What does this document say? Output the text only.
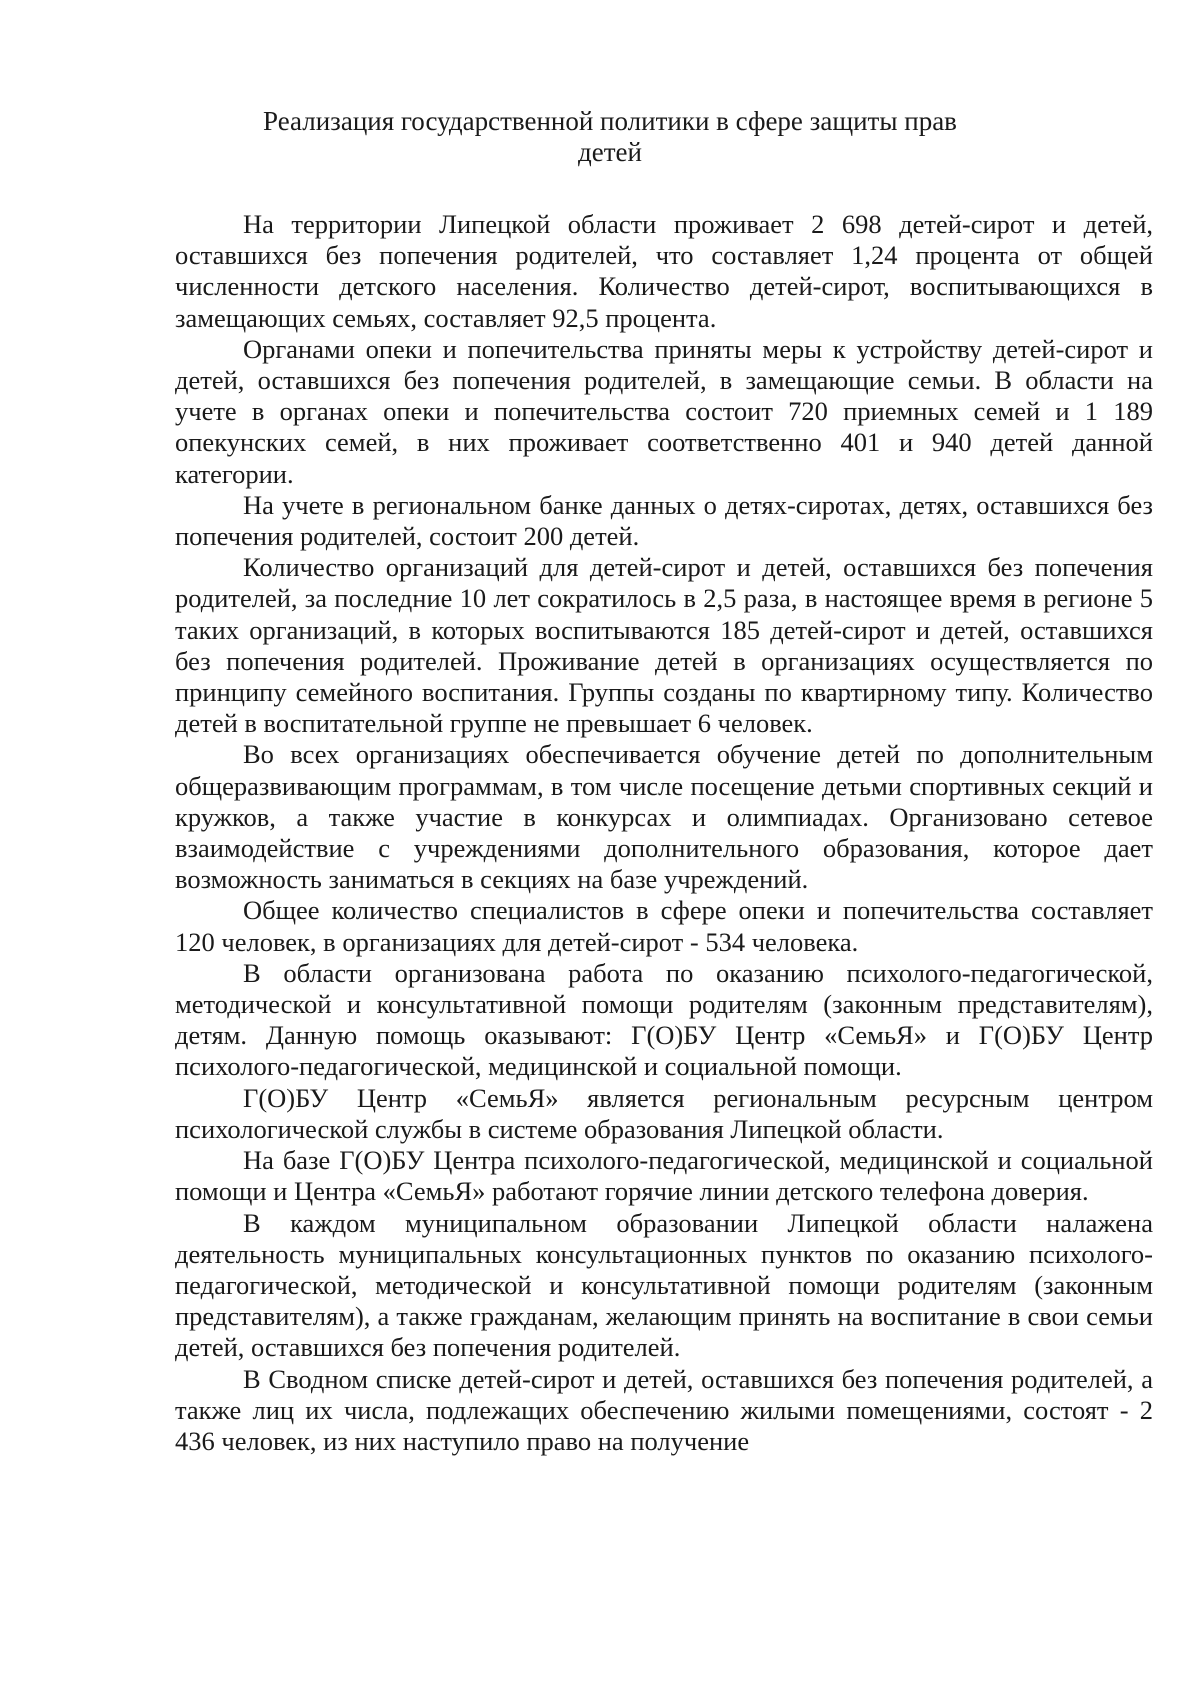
Реализация государственной политики в сфере защиты прав
детей

На территории Липецкой области проживает 2 698 детей-сирот и детей, оставшихся без попечения родителей, что составляет 1,24 процента от общей численности детского населения. Количество детей-сирот, воспитывающихся в замещающих семьях, составляет 92,5 процента.

Органами опеки и попечительства приняты меры к устройству детей-сирот и детей, оставшихся без попечения родителей, в замещающие семьи. В области на учете в органах опеки и попечительства состоит 720 приемных семей и 1 189 опекунских семей, в них проживает соответственно 401 и 940 детей данной категории.

На учете в региональном банке данных о детях-сиротах, детях, оставшихся без попечения родителей, состоит 200 детей.

Количество организаций для детей-сирот и детей, оставшихся без попечения родителей, за последние 10 лет сократилось в 2,5 раза, в настоящее время в регионе 5 таких организаций, в которых воспитываются 185 детей-сирот и детей, оставшихся без попечения родителей. Проживание детей в организациях осуществляется по принципу семейного воспитания. Группы созданы по квартирному типу. Количество детей в воспитательной группе не превышает 6 человек.

Во всех организациях обеспечивается обучение детей по дополнительным общеразвивающим программам, в том числе посещение детьми спортивных секций и кружков, а также участие в конкурсах и олимпиадах. Организовано сетевое взаимодействие с учреждениями дополнительного образования, которое дает возможность заниматься в секциях на базе учреждений.

Общее количество специалистов в сфере опеки и попечительства составляет 120 человек, в организациях для детей-сирот - 534 человека.

В области организована работа по оказанию психолого-педагогической, методической и консультативной помощи родителям (законным представителям), детям. Данную помощь оказывают: Г(О)БУ Центр «СемьЯ» и Г(О)БУ Центр психолого-педагогической, медицинской и социальной помощи.

Г(О)БУ Центр «СемьЯ» является региональным ресурсным центром психологической службы в системе образования Липецкой области.

На базе Г(О)БУ Центра психолого-педагогической, медицинской и социальной помощи и Центра «СемьЯ» работают горячие линии детского телефона доверия.

В каждом муниципальном образовании Липецкой области налажена деятельность муниципальных консультационных пунктов по оказанию психолого-педагогической, методической и консультативной помощи родителям (законным представителям), а также гражданам, желающим принять на воспитание в свои семьи детей, оставшихся без попечения родителей.

В Сводном списке детей-сирот и детей, оставшихся без попечения родителей, а также лиц их числа, подлежащих обеспечению жилыми помещениями, состоят - 2 436 человек, из них наступило право на получение
